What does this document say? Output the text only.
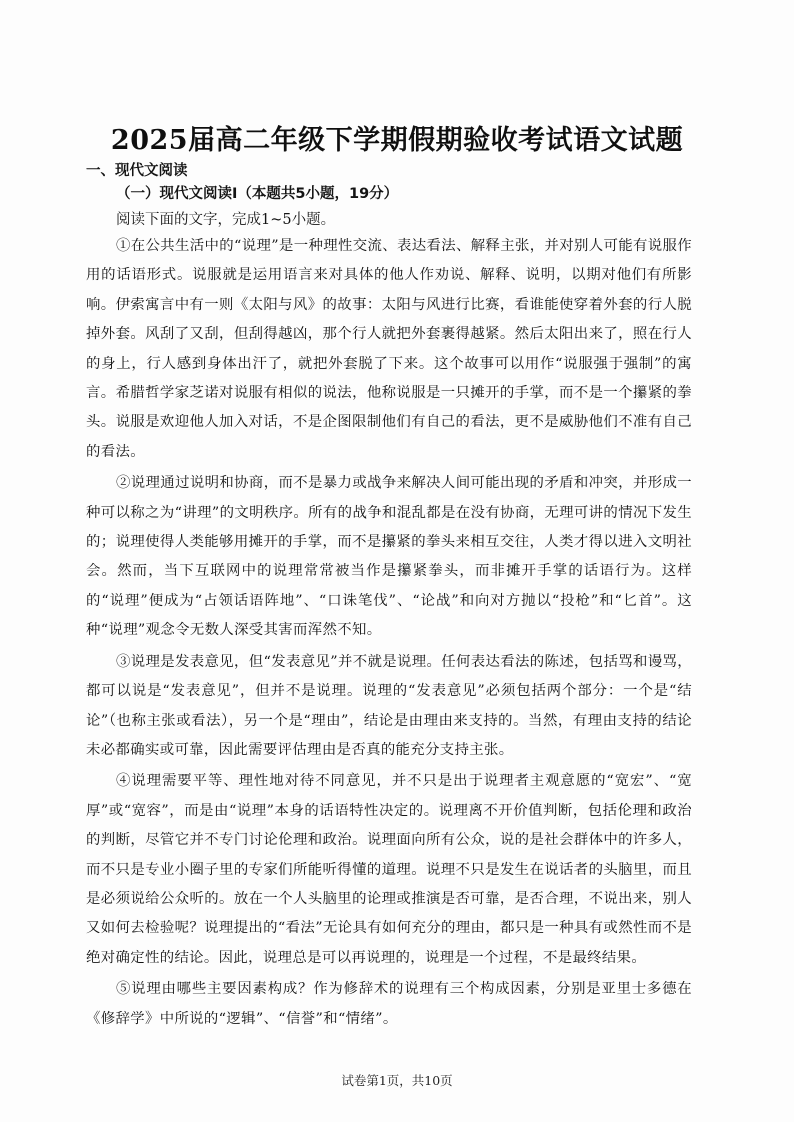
2025届高二年级下学期假期验收考试语文试题
一、现代文阅读
（一）现代文阅读Ⅰ（本题共5小题，19分）
阅读下面的文字，完成1~5小题。

①在公共生活中的“说理”是一种理性交流、表达看法、解释主张，并对别人可能有说服作用的话语形式。说服就是运用语言来对具体的他人作劝说、解释、说明，以期对他们有所影响。伊索寓言中有一则《太阳与风》的故事：太阳与风进行比赛，看谁能使穿着外套的行人脱掉外套。风刮了又刮，但刮得越凶，那个行人就把外套裹得越紧。然后太阳出来了，照在行人的身上，行人感到身体出汗了，就把外套脱了下来。这个故事可以用作“说服强于强制”的寓言。希腊哲学家芝诺对说服有相似的说法，他称说服是一只摊开的手掌，而不是一个攥紧的拳头。说服是欢迎他人加入对话，不是企图限制他们有自己的看法，更不是威胁他们不准有自己的看法。

②说理通过说明和协商，而不是暴力或战争来解决人间可能出现的矛盾和冲突，并形成一种可以称之为“讲理”的文明秩序。所有的战争和混乱都是在没有协商，无理可讲的情况下发生的；说理使得人类能够用摊开的手掌，而不是攥紧的拳头来相互交往，人类才得以进入文明社会。然而，当下互联网中的说理常常被当作是攥紧拳头，而非摊开手掌的话语行为。这样的“说理”便成为“占领话语阵地”、“口诛笔伐”、“论战”和向对方抛以“投枪”和“匕首”。这种“说理”观念令无数人深受其害而浑然不知。

③说理是发表意见，但“发表意见”并不就是说理。任何表达看法的陈述，包括骂和谩骂，都可以说是“发表意见”，但并不是说理。说理的“发表意见”必须包括两个部分：一个是“结论”（也称主张或看法），另一个是“理由”，结论是由理由来支持的。当然，有理由支持的结论未必都确实或可靠，因此需要评估理由是否真的能充分支持主张。

④说理需要平等、理性地对待不同意见，并不只是出于说理者主观意愿的“宽宏”、“宽厚”或“宽容”，而是由“说理”本身的话语特性决定的。说理离不开价值判断，包括伦理和政治的判断，尽管它并不专门讨论伦理和政治。说理面向所有公众，说的是社会群体中的许多人，而不只是专业小圈子里的专家们所能听得懂的道理。说理不只是发生在说话者的头脑里，而且是必须说给公众听的。放在一个人头脑里的论理或推演是否可靠，是否合理，不说出来，别人又如何去检验呢？说理提出的“看法”无论具有如何充分的理由，都只是一种具有或然性而不是绝对确定性的结论。因此，说理总是可以再说理的，说理是一个过程，不是最终结果。

⑤说理由哪些主要因素构成？作为修辞术的说理有三个构成因素，分别是亚里士多德在《修辞学》中所说的“逻辑”、“信誉”和“情绪”。

试卷第1页，共10页
